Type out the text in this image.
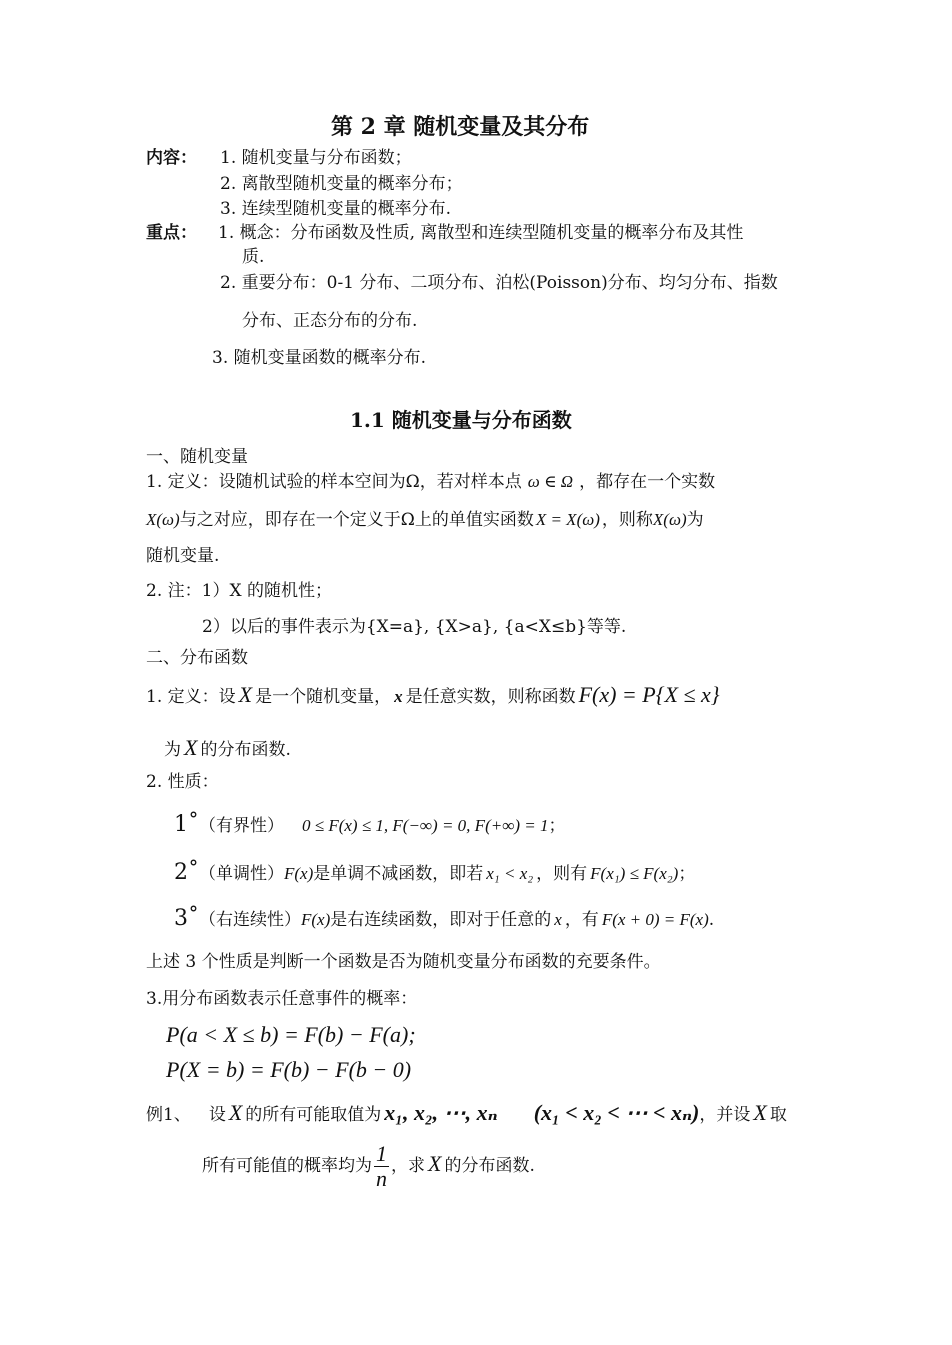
第 2 章 随机变量及其分布
内容： 1. 随机变量与分布函数；
2. 离散型随机变量的概率分布；
3. 连续型随机变量的概率分布.
重点： 1. 概念：分布函数及性质, 离散型和连续型随机变量的概率分布及其性
质.
2. 重要分布：0-1 分布、二项分布、泊松(Poisson)分布、均匀分布、指数
分布、正态分布的分布.
3. 随机变量函数的概率分布.
1.1 随机变量与分布函数
一、随机变量
1. 定义：设随机试验的样本空间为Ω，若对样本点 ω ∈ Ω ，都存在一个实数
X(ω)与之对应，即存在一个定义于Ω上的单值实函数 X = X(ω) ，则称X(ω)为
随机变量.
2. 注：1）X 的随机性；
2）以后的事件表示为{X=a}, {X>a}, {a<X≤b}等等.
二、分布函数
1. 定义：设 X 是一个随机变量， x 是任意实数，则称函数 F(x) = P{X ≤ x}
为 X 的分布函数.
2. 性质：
1˚（有界性） 0 ≤ F(x) ≤ 1, F(−∞) = 0, F(+∞) = 1；
2˚（单调性）F(x)是单调不减函数，即若 x₁ < x₂ ，则有 F(x₁) ≤ F(x₂)；
3˚（右连续性）F(x)是右连续函数，即对于任意的 x ，有 F(x + 0) = F(x).
上述 3 个性质是判断一个函数是否为随机变量分布函数的充要条件。
3.用分布函数表示任意事件的概率：
P(a < X ≤ b) = F(b) − F(a);
P(X = b) = F(b) − F(b − 0)
例1、 设 X 的所有可能取值为 x₁, x₂, ⋯, xₙ (x₁ < x₂ < ⋯ < xₙ)，并设 X 取
所有可能值的概率均为 $\frac{1}{n}$ ，求 X 的分布函数.
